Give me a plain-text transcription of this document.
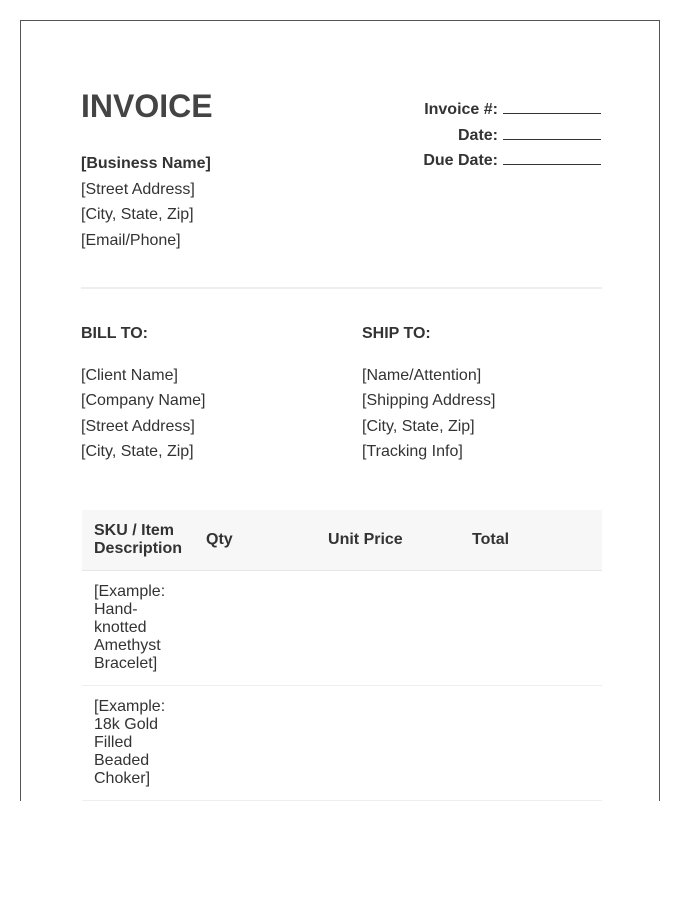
INVOICE	Invoice #:
Date:
Due Date:
[Business Name]
[Street Address]
[City, State, Zip]
[Email/Phone]
BILL TO:
[Client Name]
[Company Name]
[Street Address]
[City, State, Zip]
SHIP TO:
[Name/Attention]
[Shipping Address]
[City, State, Zip]
[Tracking Info]
SKU / Item Description	Qty	Unit Price	Total
[Example: Hand-knotted Amethyst Bracelet]			
[Example: 18k Gold Filled Beaded Choker]			
